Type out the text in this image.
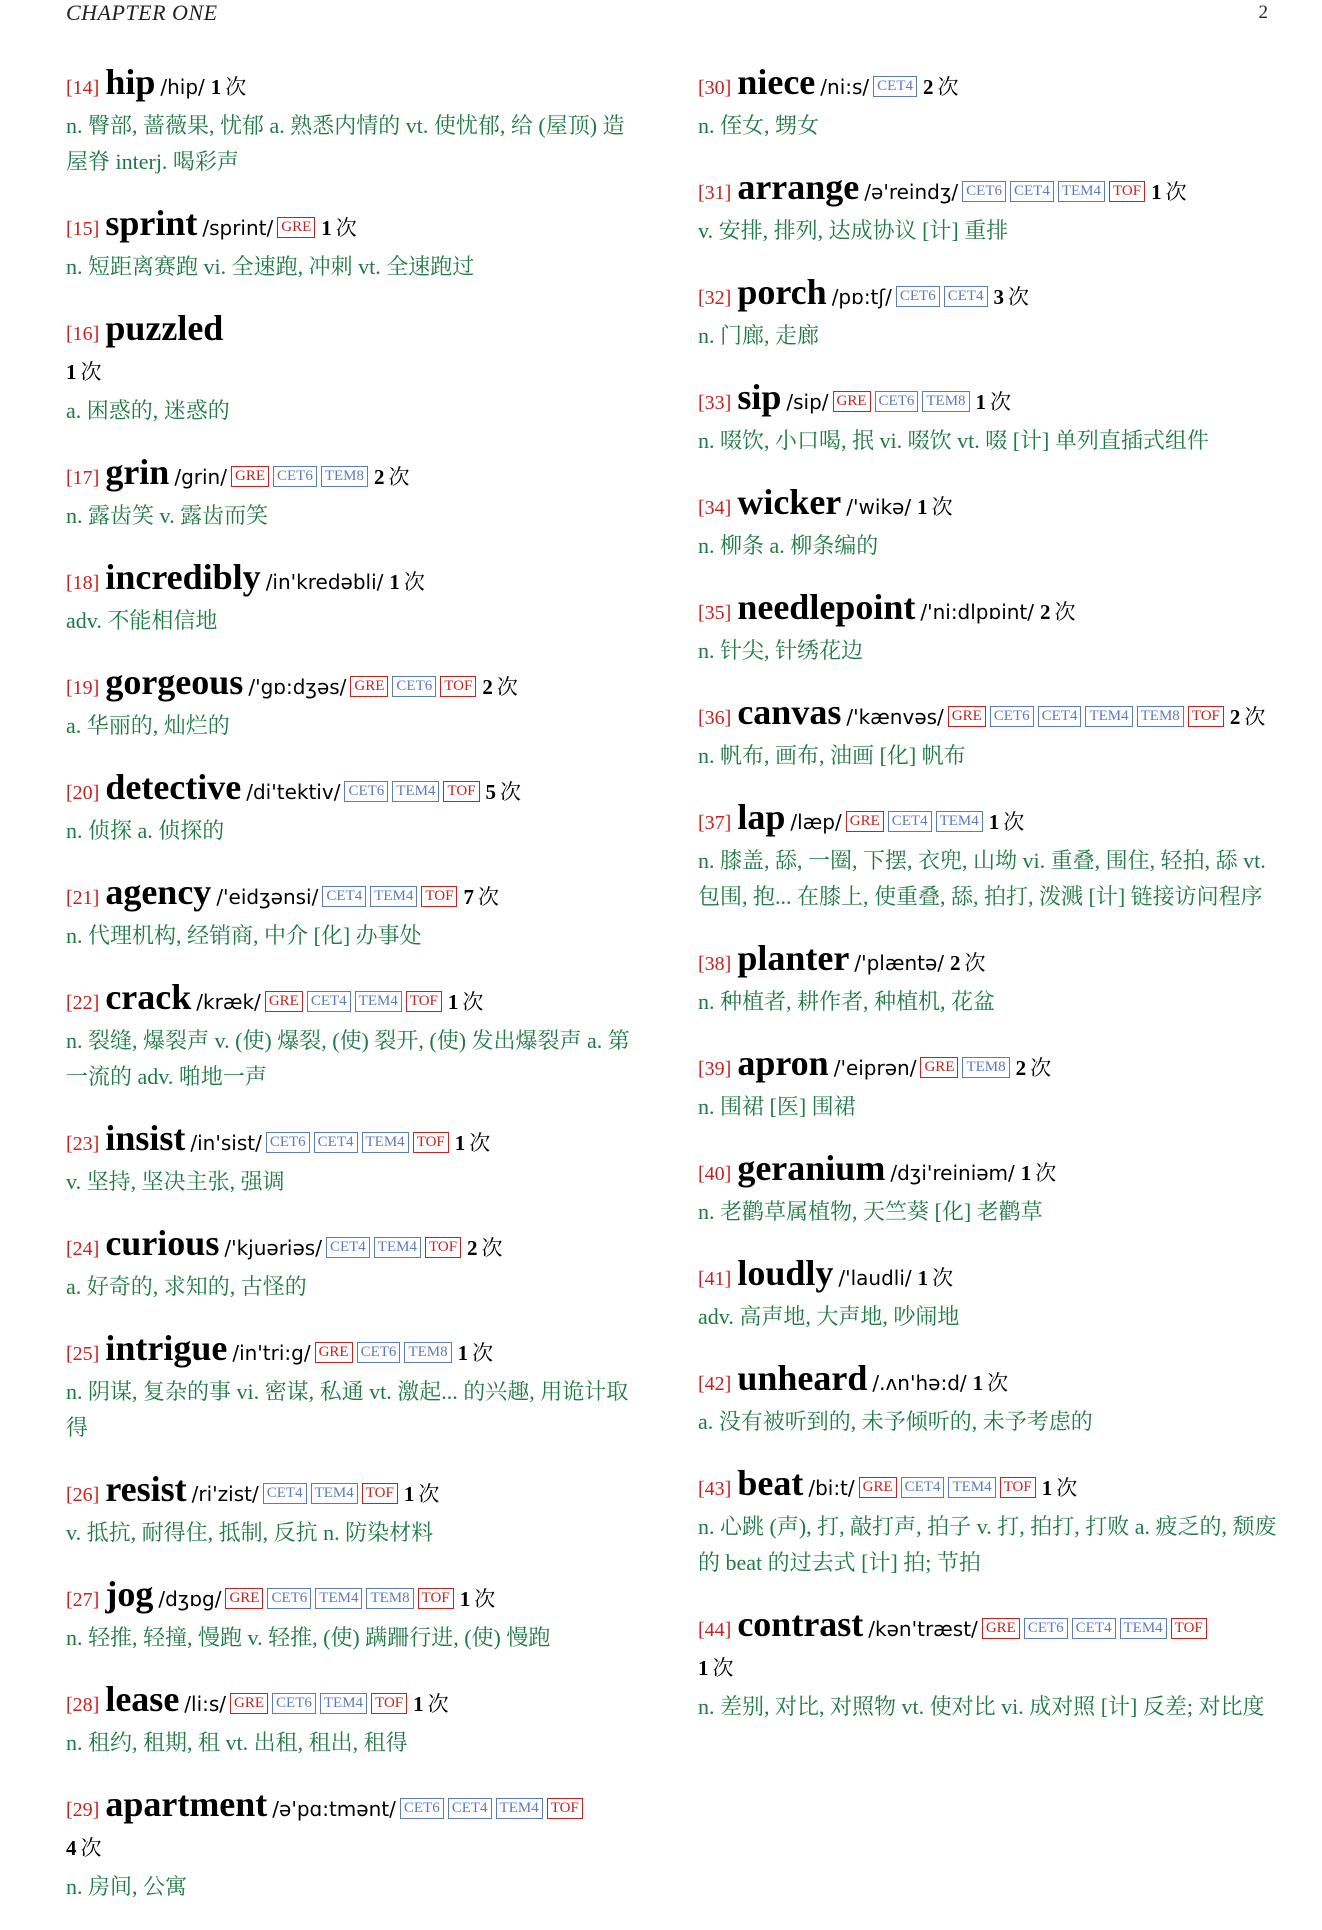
CHAPTER ONE	2
[14] hip /hip/ 1 次
n. 臀部, 蔷薇果, 忧郁 a. 熟悉内情的 vt. 使忧郁, 给 (屋顶) 造屋脊 interj. 喝彩声
[15] sprint /sprint/ GRE 1 次
n. 短距离赛跑 vi. 全速跑, 冲刺 vt. 全速跑过
[16] puzzled
1 次
a. 困惑的, 迷惑的
[17] grin /grin/ GRE CET6 TEM8 2 次
n. 露齿笑 v. 露齿而笑
[18] incredibly /in'kredəbli/ 1 次
adv. 不能相信地
[19] gorgeous /'gɒ:dʒəs/ GRE CET6 TOF 2 次
a. 华丽的, 灿烂的
[20] detective /di'tektiv/ CET6 TEM4 TOF 5 次
n. 侦探 a. 侦探的
[21] agency /'eidʒənsi/ CET4 TEM4 TOF 7 次
n. 代理机构, 经销商, 中介 [化] 办事处
[22] crack /kræk/ GRE CET4 TEM4 TOF 1 次
n. 裂缝, 爆裂声 v. (使) 爆裂, (使) 裂开, (使) 发出爆裂声 a. 第一流的 adv. 啪地一声
[23] insist /in'sist/ CET6 CET4 TEM4 TOF 1 次
v. 坚持, 坚决主张, 强调
[24] curious /'kjuəriəs/ CET4 TEM4 TOF 2 次
a. 好奇的, 求知的, 古怪的
[25] intrigue /in'tri:g/ GRE CET6 TEM8 1 次
n. 阴谋, 复杂的事 vi. 密谋, 私通 vt. 激起... 的兴趣, 用诡计取得
[26] resist /ri'zist/ CET4 TEM4 TOF 1 次
v. 抵抗, 耐得住, 抵制, 反抗 n. 防染材料
[27] jog /dʒɒg/ GRE CET6 TEM4 TEM8 TOF 1 次
n. 轻推, 轻撞, 慢跑 v. 轻推, (使) 蹒跚行进, (使) 慢跑
[28] lease /li:s/ GRE CET6 TEM4 TOF 1 次
n. 租约, 租期, 租 vt. 出租, 租出, 租得
[29] apartment /ə'pɑ:tmənt/ CET6 CET4 TEM4 TOF
4 次
n. 房间, 公寓
[30] niece /ni:s/ CET4 2 次
n. 侄女, 甥女
[31] arrange /ə'reindʒ/ CET6 CET4 TEM4 TOF 1 次
v. 安排, 排列, 达成协议 [计] 重排
[32] porch /pɒ:tʃ/ CET6 CET4 3 次
n. 门廊, 走廊
[33] sip /sip/ GRE CET6 TEM8 1 次
n. 啜饮, 小口喝, 抿 vi. 啜饮 vt. 啜 [计] 单列直插式组件
[34] wicker /'wikə/ 1 次
n. 柳条 a. 柳条编的
[35] needlepoint /'ni:dlpɒint/ 2 次
n. 针尖, 针绣花边
[36] canvas /'kænvəs/ GRE CET6 CET4 TEM4 TEM8 TOF 2 次
n. 帆布, 画布, 油画 [化] 帆布
[37] lap /læp/ GRE CET4 TEM4 1 次
n. 膝盖, 舔, 一圈, 下摆, 衣兜, 山坳 vi. 重叠, 围住, 轻拍, 舔 vt. 包围, 抱... 在膝上, 使重叠, 舔, 拍打, 泼溅 [计] 链接访问程序
[38] planter /'plæntə/ 2 次
n. 种植者, 耕作者, 种植机, 花盆
[39] apron /'eiprən/ GRE TEM8 2 次
n. 围裙 [医] 围裙
[40] geranium /dʒi'reiniəm/ 1 次
n. 老鹳草属植物, 天竺葵 [化] 老鹳草
[41] loudly /'laudli/ 1 次
adv. 高声地, 大声地, 吵闹地
[42] unheard /.ʌn'hə:d/ 1 次
a. 没有被听到的, 未予倾听的, 未予考虑的
[43] beat /bi:t/ GRE CET4 TEM4 TOF 1 次
n. 心跳 (声), 打, 敲打声, 拍子 v. 打, 拍打, 打败 a. 疲乏的, 颓废的 beat 的过去式 [计] 拍; 节拍
[44] contrast /kən'træst/ GRE CET6 CET4 TEM4 TOF
1 次
n. 差别, 对比, 对照物 vt. 使对比 vi. 成对照 [计] 反差; 对比度
